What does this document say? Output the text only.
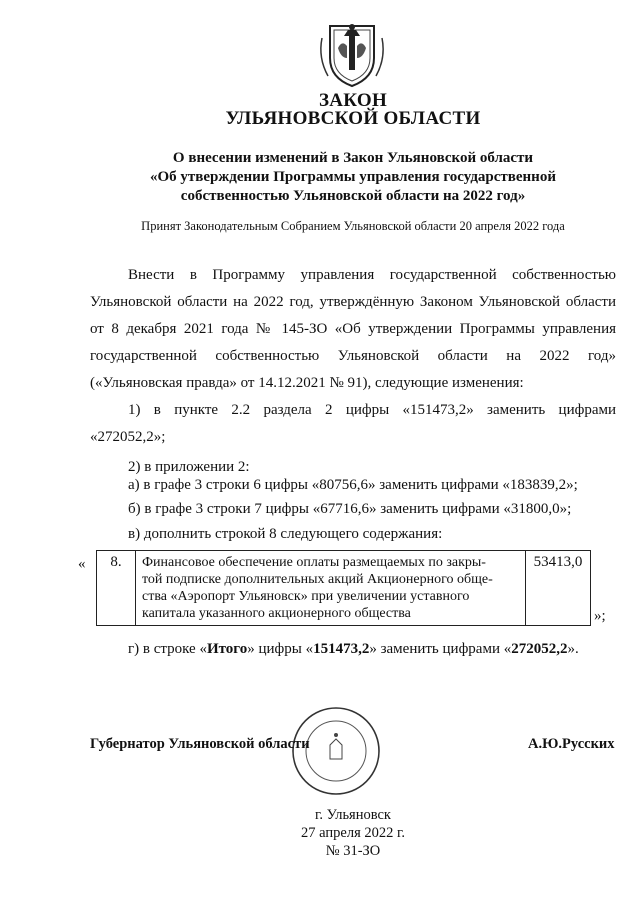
ЗАКОН
УЛЬЯНОВСКОЙ ОБЛАСТИ
О внесении изменений в Закон Ульяновской области
«Об утверждении Программы управления государственной
собственностью Ульяновской области на 2022 год»
Принят Законодательным Собранием Ульяновской области 20 апреля 2022 года
Внести в Программу управления государственной собственностью
Ульяновской области на 2022 год, утверждённую Законом Ульяновской области
от 8 декабря 2021 года № 145-ЗО «Об утверждении Программы управления
государственной собственностью Ульяновской области на 2022 год»
(«Ульяновская правда» от 14.12.2021 № 91), следующие изменения:
1) в пункте 2.2 раздела 2 цифры «151473,2» заменить цифрами
«272052,2»;
2) в приложении 2:
а) в графе 3 строки 6 цифры «80756,6» заменить цифрами «183839,2»;
б) в графе 3 строки 7 цифры «67716,6» заменить цифрами «31800,0»;
в) дополнить строкой 8 следующего содержания:
« 8.	Финансовое обеспечение оплаты размещаемых по закры-
той подписке дополнительных акций Акционерного обще-
ства «Аэропорт Ульяновск» при увеличении уставного
капитала указанного акционерного общества
	53413,0
»;
г) в строке «Итого» цифры «151473,2» заменить цифрами «272052,2».
Губернатор Ульяновской области	А.Ю.Русских
г. Ульяновск
27 апреля 2022 г.
№ 31-ЗО
